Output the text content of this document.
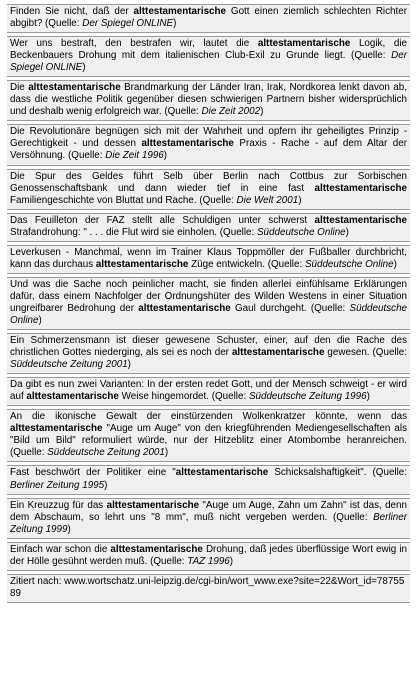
Finden Sie nicht, daß der alttestamentarische Gott einen ziemlich schlechten Richter abgibt? (Quelle: Der Spiegel ONLINE)
Wer uns bestraft, den bestrafen wir, lautet die alttestamentarische Logik, die Beckenbauers Drohung mit dem italienischen Club-Exil zu Grunde liegt. (Quelle: Der Spiegel ONLINE)
Die alttestamentarische Brandmarkung der Länder Iran, Irak, Nordkorea lenkt davon ab, dass die westliche Politik gegenüber diesen schwierigen Partnern bisher widersprüchlich und deshalb wenig erfolgreich war. (Quelle: Die Zeit 2002)
Die Revolutionäre begnügen sich mit der Wahrheit und opfern ihr geheiligtes Prinzip - Gerechtigkeit - und dessen alttestamentarische Praxis - Rache - auf dem Altar der Versöhnung. (Quelle: Die Zeit 1996)
Die Spur des Geldes führt Selb über Berlin nach Cottbus zur Sorbischen Genossenschaftsbank und dann wieder tief in eine fast alttestamentarische Familiengeschichte von Bluttat und Rache. (Quelle: Die Welt 2001)
Das Feuilleton der FAZ stellt alle Schuldigen unter schwerst alttestamentarische Strafandrohung: " . . . die Flut wird sie einholen. (Quelle: Süddeutsche Online)
Leverkusen - Manchmal, wenn im Trainer Klaus Toppmöller der Fußballer durchbricht, kann das durchaus alttestamentarische Züge entwickeln. (Quelle: Süddeutsche Online)
Und was die Sache noch peinlicher macht, sie finden allerlei einfühlsame Erklärungen dafür, dass einem Nachfolger der Ordnungshüter des Wilden Westens in einer Situation ungreifbarer Bedrohung der alttestamentarische Gaul durchgeht. (Quelle: Süddeutsche Online)
Ein Schmerzensmann ist dieser gewesene Schuster, einer, auf den die Rache des christlichen Gottes niederging, als sei es noch der alttestamentarische gewesen. (Quelle: Süddeutsche Zeitung 2001)
Da gibt es nun zwei Varianten: In der ersten redet Gott, und der Mensch schweigt - er wird auf alttestamentarische Weise hingemordet. (Quelle: Süddeutsche Zeitung 1996)
An die ikonische Gewalt der einstürzenden Wolkenkratzer könnte, wenn das alttestamentarische "Auge um Auge" von den kriegführenden Mediengesellschaften als "Bild um Bild" reformuliert würde, nur der Hitzeblitz einer Atombombe heranreichen. (Quelle: Süddeutsche Zeitung 2001)
Fast beschwört der Politiker eine "alttestamentarische Schicksalshaftigkeit". (Quelle: Berliner Zeitung 1995)
Ein Kreuzzug für das alttestamentarische "Auge um Auge, Zahn um Zahn" ist das, denn dem Abschaum, so lehrt uns "8 mm", muß nicht vergeben werden. (Quelle: Berliner Zeitung 1999)
Einfach war schon die alttestamentarische Drohung, daß jedes überflüssige Wort ewig in der Hölle gesühnt werden muß. (Quelle: TAZ 1996)
Zitiert nach: www.wortschatz.uni-leipzig.de/cgi-bin/wort_www.exe?site=22&Wort_id=7875589
